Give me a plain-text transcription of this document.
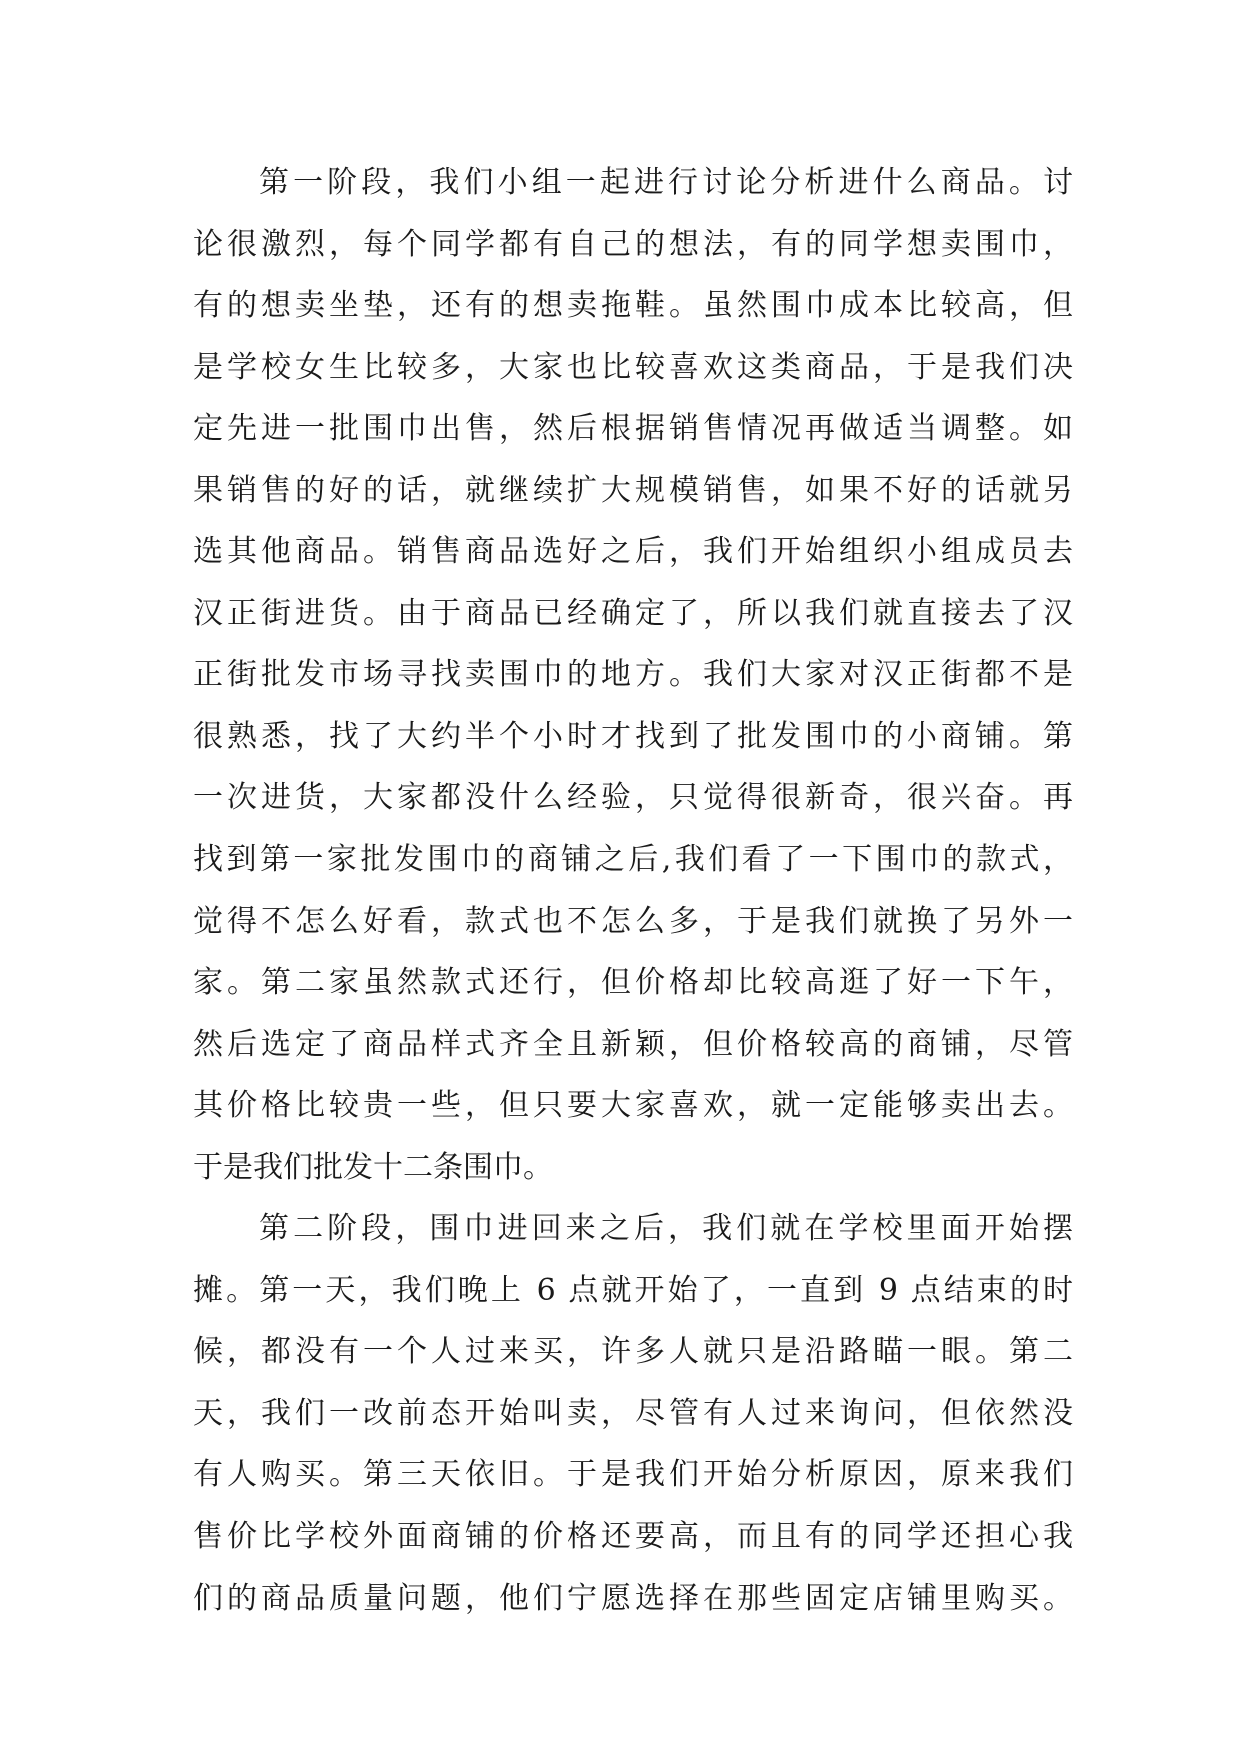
第一阶段，我们小组一起进行讨论分析进什么商品。讨
论很激烈，每个同学都有自己的想法，有的同学想卖围巾，
有的想卖坐垫，还有的想卖拖鞋。虽然围巾成本比较高，但
是学校女生比较多，大家也比较喜欢这类商品，于是我们决
定先进一批围巾出售，然后根据销售情况再做适当调整。如
果销售的好的话，就继续扩大规模销售，如果不好的话就另
选其他商品。销售商品选好之后，我们开始组织小组成员去
汉正街进货。由于商品已经确定了，所以我们就直接去了汉
正街批发市场寻找卖围巾的地方。我们大家对汉正街都不是
很熟悉，找了大约半个小时才找到了批发围巾的小商铺。第
一次进货，大家都没什么经验，只觉得很新奇，很兴奋。再
找到第一家批发围巾的商铺之后,我们看了一下围巾的款式，
觉得不怎么好看，款式也不怎么多，于是我们就换了另外一
家。第二家虽然款式还行，但价格却比较高逛了好一下午，
然后选定了商品样式齐全且新颖，但价格较高的商铺，尽管
其价格比较贵一些，但只要大家喜欢，就一定能够卖出去。
于是我们批发十二条围巾。
第二阶段，围巾进回来之后，我们就在学校里面开始摆
摊。第一天，我们晚上 6 点就开始了，一直到 9 点结束的时
候，都没有一个人过来买，许多人就只是沿路瞄一眼。第二
天，我们一改前态开始叫卖，尽管有人过来询问，但依然没
有人购买。第三天依旧。于是我们开始分析原因，原来我们
售价比学校外面商铺的价格还要高，而且有的同学还担心我
们的商品质量问题，他们宁愿选择在那些固定店铺里购买。
